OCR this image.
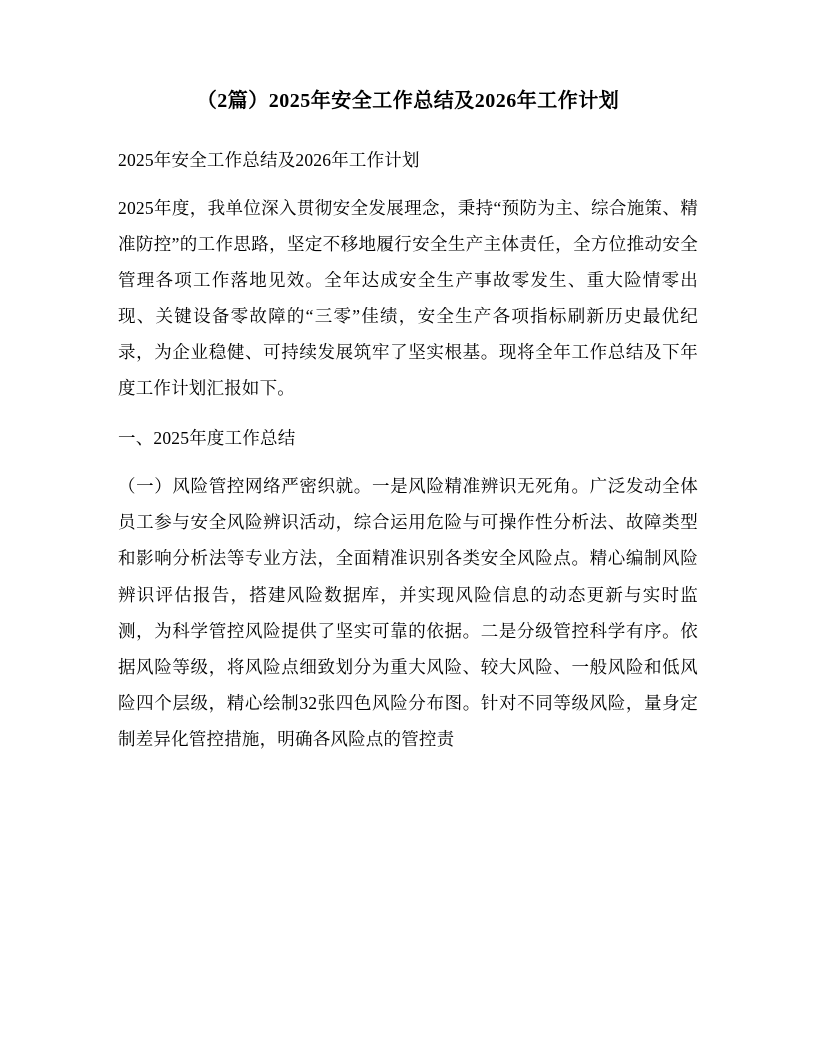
（2篇）2025年安全工作总结及2026年工作计划

2025年安全工作总结及2026年工作计划

2025年度，我单位深入贯彻安全发展理念，秉持“预防为主、综合施策、精准防控”的工作思路，坚定不移地履行安全生产主体责任，全方位推动安全管理各项工作落地见效。全年达成安全生产事故零发生、重大险情零出现、关键设备零故障的“三零”佳绩，安全生产各项指标刷新历史最优纪录，为企业稳健、可持续发展筑牢了坚实根基。现将全年工作总结及下年度工作计划汇报如下。

一、2025年度工作总结

（一）风险管控网络严密织就。一是风险精准辨识无死角。广泛发动全体员工参与安全风险辨识活动，综合运用危险与可操作性分析法、故障类型和影响分析法等专业方法，全面精准识别各类安全风险点。精心编制风险辨识评估报告，搭建风险数据库，并实现风险信息的动态更新与实时监测，为科学管控风险提供了坚实可靠的依据。二是分级管控科学有序。依据风险等级，将风险点细致划分为重大风险、较大风险、一般风险和低风险四个层级，精心绘制32张四色风险分布图。针对不同等级风险，量身定制差异化管控措施，明确各风险点的管控责
